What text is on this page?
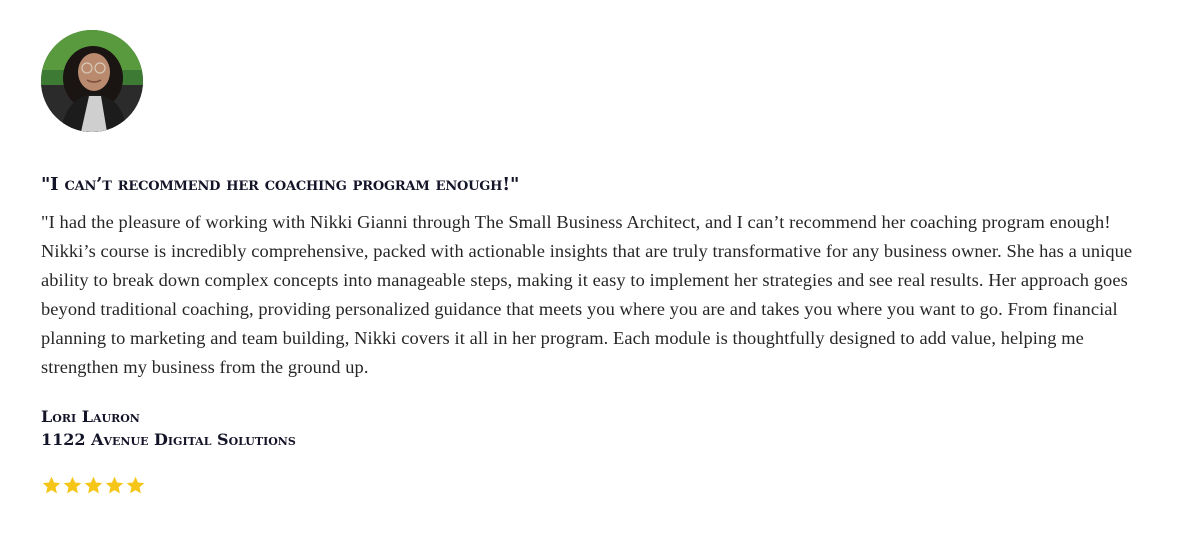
"I can’t recommend her coaching program enough!"

"I had the pleasure of working with Nikki Gianni through The Small Business Architect, and I can’t recommend her coaching program enough! Nikki’s course is incredibly comprehensive, packed with actionable insights that are truly transformative for any business owner. She has a unique ability to break down complex concepts into manageable steps, making it easy to implement her strategies and see real results. Her approach goes beyond traditional coaching, providing personalized guidance that meets you where you are and takes you where you want to go. From financial planning to marketing and team building, Nikki covers it all in her program. Each module is thoughtfully designed to add value, helping me strengthen my business from the ground up.

Lori Lauron
1122 Avenue Digital Solutions
